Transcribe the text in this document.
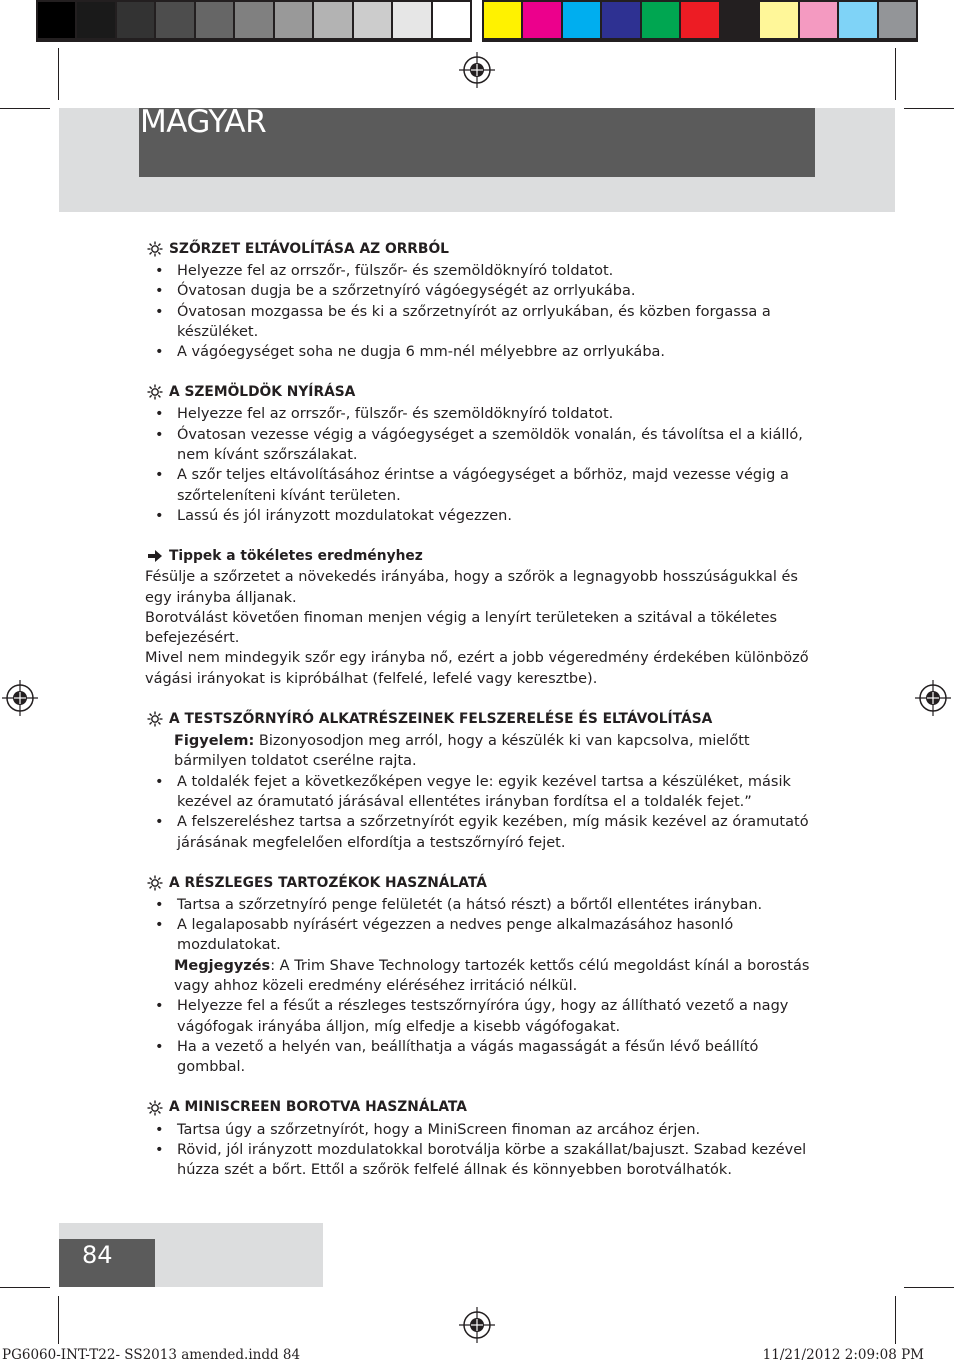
MAGYAR
SZŐRZET ELTÁVOLÍTÁSA AZ ORRBÓL
• Helyezze fel az orrszőr-, fülszőr- és szemöldöknyíró toldatot.
• Óvatosan dugja be a szőrzetnyíró vágóegységét az orrlyukába.
• Óvatosan mozgassa be és ki a szőrzetnyírót az orrlyukában, és közben forgassa a készüléket.
• A vágóegységet soha ne dugja 6 mm-nél mélyebbre az orrlyukába.
A SZEMÖLDÖK NYÍRÁSA
• Helyezze fel az orrszőr-, fülszőr- és szemöldöknyíró toldatot.
• Óvatosan vezesse végig a vágóegységet a szemöldök vonalán, és távolítsa el a kiálló, nem kívánt szőrszálakat.
• A szőr teljes eltávolításához érintse a vágóegységet a bőrhöz, majd vezesse végig a szőrteleníteni kívánt területen.
• Lassú és jól irányzott mozdulatokat végezzen.
Tippek a tökéletes eredményhez

Fésülje a szőrzetet a növekedés irányába, hogy a szőrök a legnagyobb hosszúságukkal és egy irányba álljanak.

Borotválást követően finoman menjen végig a lenyírt területeken a szitával a tökéletes befejezésért.

Mivel nem mindegyik szőr egy irányba nő, ezért a jobb végeredmény érdekében különböző vágási irányokat is kipróbálhat (felfelé, lefelé vagy keresztbe).

A TESTSZŐRNYÍRÓ ALKATRÉSZEINEK FELSZERELÉSE ÉS ELTÁVOLÍTÁSA
Figyelem: Bizonyosodjon meg arról, hogy a készülék ki van kapcsolva, mielőtt bármilyen toldatot cserélne rajta.
• A toldalék fejet a következőképen vegye le: egyik kezével tartsa a készüléket, másik kezével az óramutató járásával ellentétes irányban fordítsa el a toldalék fejet.”
• A felszereléshez tartsa a szőrzetnyírót egyik kezében, míg másik kezével az óramutató járásának megfelelően elfordítja a testszőrnyíró fejet.
A RÉSZLEGES TARTOZÉKOK HASZNÁLATÁ
• Tartsa a szőrzetnyíró penge felületét (a hátsó részt) a bőrtől ellentétes irányban.
• A legalaposabb nyírásért végezzen a nedves penge alkalmazásához hasonló mozdulatokat.
Megjegyzés: A Trim Shave Technology tartozék kettős célú megoldást kínál a borostás vagy ahhoz közeli eredmény eléréséhez irritáció nélkül.
• Helyezze fel a fésűt a részleges testszőrnyíróra úgy, hogy az állítható vezető a nagy vágófogak irányába álljon, míg elfedje a kisebb vágófogakat.
• Ha a vezető a helyén van, beállíthatja a vágás magasságát a fésűn lévő beállító gombbal.
A MINISCREEN BOROTVA HASZNÁLATA
• Tartsa úgy a szőrzetnyírót, hogy a MiniScreen finoman az arcához érjen.
• Rövid, jól irányzott mozdulatokkal borotválja körbe a szakállat/bajuszt. Szabad kezével húzza szét a bőrt. Ettől a szőrök felfelé állnak és könnyebben borotválhatók.
84
PG6060-INT-T22- SS2013 amended.indd 84	11/21/2012 2:09:08 PM
